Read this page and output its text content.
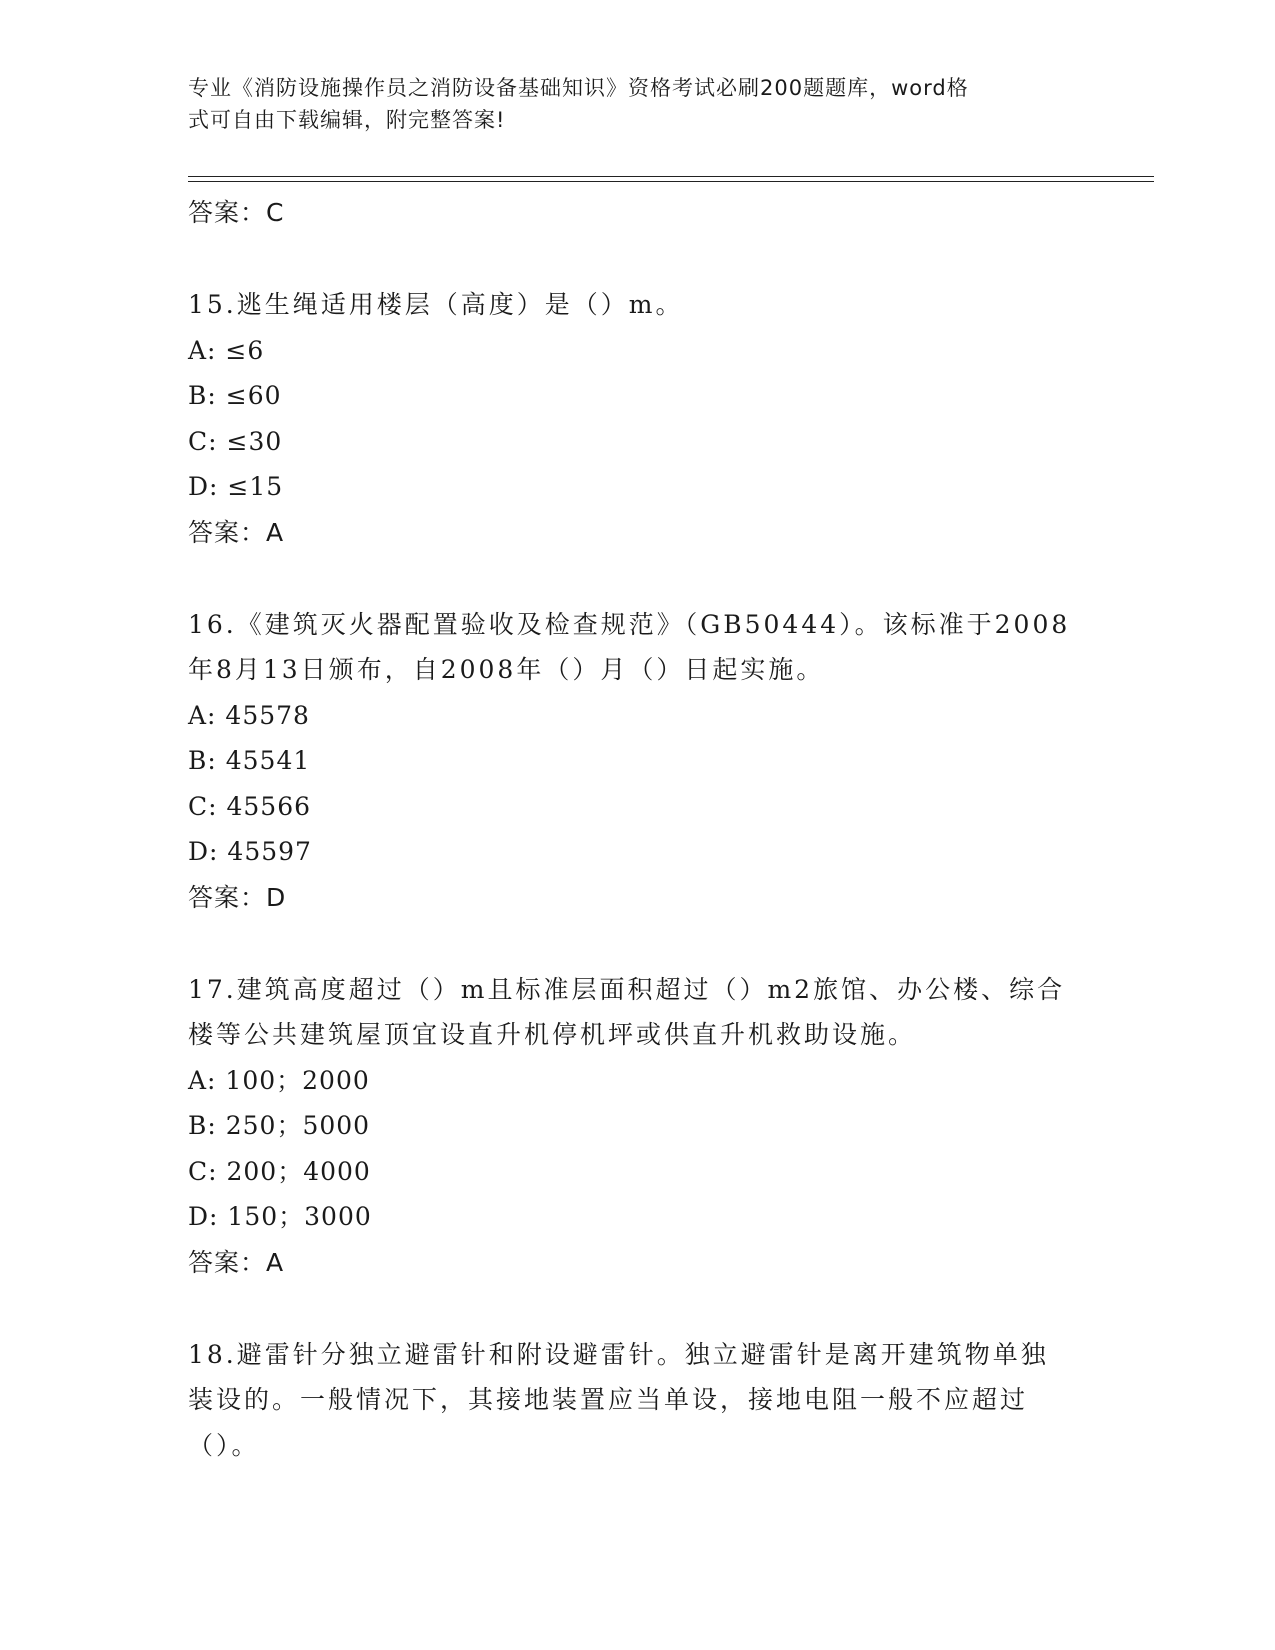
专业《消防设施操作员之消防设备基础知识》资格考试必刷200题题库，word格
式可自由下载编辑，附完整答案!
答案：C
15.逃生绳适用楼层（高度）是（）m。
A: ≤6
B: ≤60
C: ≤30
D: ≤15
答案：A
16.《建筑灭火器配置验收及检查规范》（GB50444）。该标准于2008
年8月13日颁布，自2008年（）月（）日起实施。
A: 45578
B: 45541
C: 45566
D: 45597
答案：D
17.建筑高度超过（）m且标准层面积超过（）m2旅馆、办公楼、综合
楼等公共建筑屋顶宜设直升机停机坪或供直升机救助设施。
A: 100；2000
B: 250；5000
C: 200；4000
D: 150；3000
答案：A
18.避雷针分独立避雷针和附设避雷针。独立避雷针是离开建筑物单独
装设的。一般情况下，其接地装置应当单设，接地电阻一般不应超过
（）。
